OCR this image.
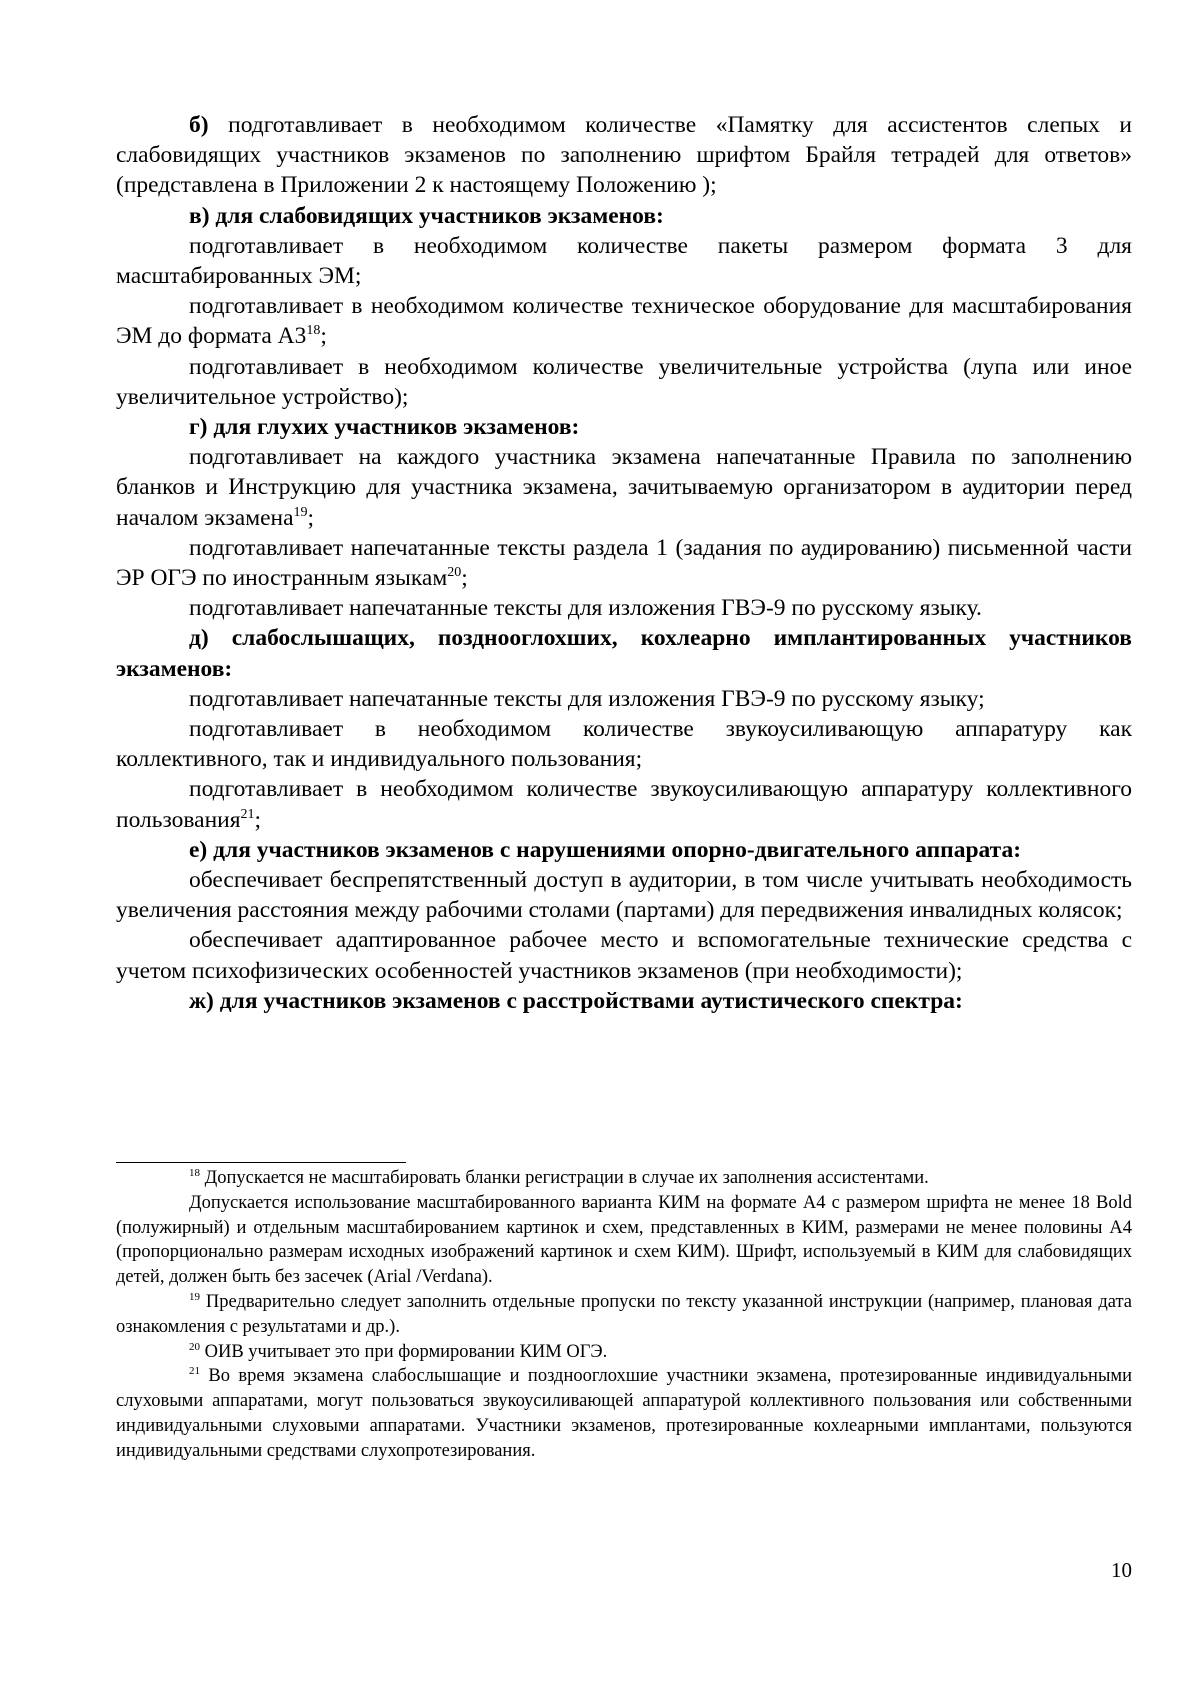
б) подготавливает в необходимом количестве «Памятку для ассистентов слепых и слабовидящих участников экзаменов по заполнению шрифтом Брайля тетрадей для ответов» (представлена в Приложении 2 к настоящему Положению );

в) для слабовидящих участников экзаменов:

подготавливает в необходимом количестве пакеты размером формата 3 для масштабированных ЭМ;

подготавливает в необходимом количестве техническое оборудование для масштабирования ЭМ до формата $А3^{18}$;

подготавливает в необходимом количестве увеличительные устройства (лупа или иное увеличительное устройство);

г) для глухих участников экзаменов:

подготавливает на каждого участника экзамена напечатанные Правила по заполнению бланков и Инструкцию для участника экзамена, зачитываемую организатором в аудитории перед началом экзамена$^{19}$;

подготавливает напечатанные тексты раздела 1 (задания по аудированию) письменной части ЭР ОГЭ по иностранным языкам$^{20}$;

подготавливает напечатанные тексты для изложения ГВЭ-9 по русскому языку.

д) слабослышащих, позднооглохших, кохлеарно имплантированных участников экзаменов:

подготавливает напечатанные тексты для изложения ГВЭ-9 по русскому языку;

подготавливает в необходимом количестве звукоусиливающую аппаратуру как коллективного, так и индивидуального пользования;

подготавливает в необходимом количестве звукоусиливающую аппаратуру коллективного пользования$^{21}$;

е) для участников экзаменов с нарушениями опорно-двигательного аппарата:

обеспечивает беспрепятственный доступ в аудитории, в том числе учитывать необходимость увеличения расстояния между рабочими столами (партами) для передвижения инвалидных колясок;

обеспечивает адаптированное рабочее место и вспомогательные технические средства с учетом психофизических особенностей участников экзаменов (при необходимости);

ж) для участников экзаменов с расстройствами аутистического спектра:

$^{18}$ Допускается не масштабировать бланки регистрации в случае их заполнения ассистентами.

Допускается использование масштабированного варианта КИМ на формате А4 с размером шрифта не менее 18 Bold (полужирный) и отдельным масштабированием картинок и схем, представленных в КИМ, размерами не менее половины А4 (пропорционально размерам исходных изображений картинок и схем КИМ). Шрифт, используемый в КИМ для слабовидящих детей, должен быть без засечек (Arial /Verdana).

$^{19}$ Предварительно следует заполнить отдельные пропуски по тексту указанной инструкции (например, плановая дата ознакомления с результатами и др.).

$^{20}$ ОИВ учитывает это при формировании КИМ ОГЭ.

$^{21}$ Во время экзамена слабослышащие и позднооглохшие участники экзамена, протезированные индивидуальными слуховыми аппаратами, могут пользоваться звукоусиливающей аппаратурой коллективного пользования или собственными индивидуальными слуховыми аппаратами. Участники экзаменов, протезированные кохлеарными имплантами, пользуются индивидуальными средствами слухопротезирования.

10
